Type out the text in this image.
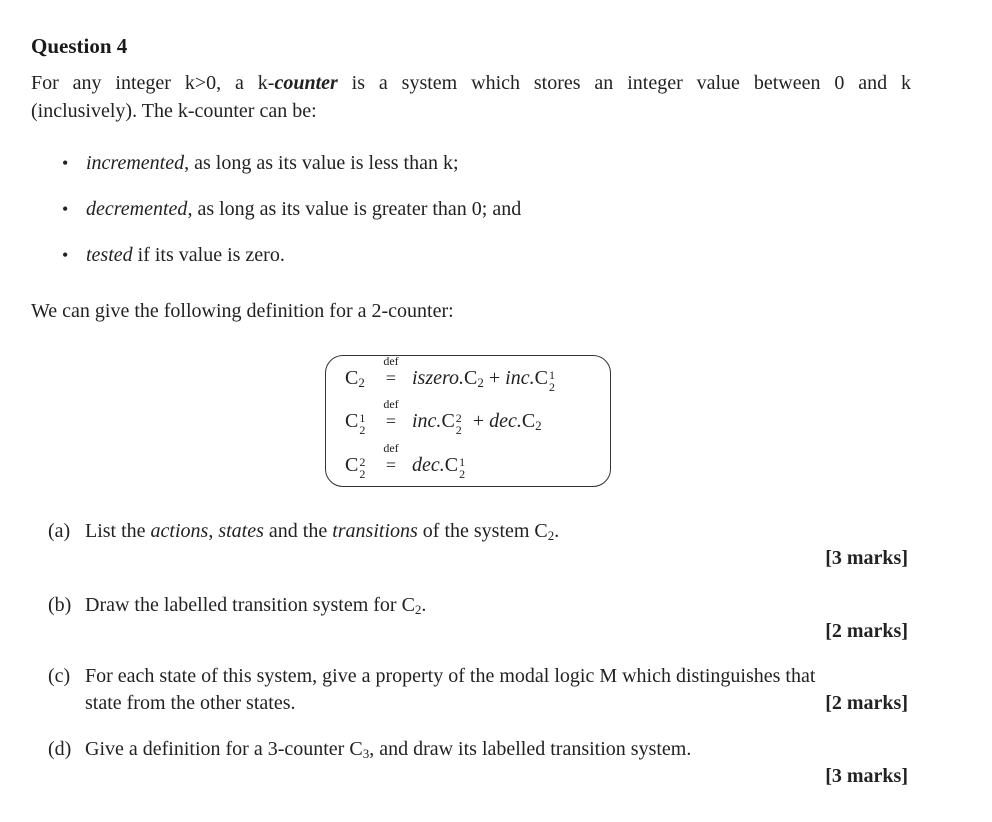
Question 4
For any integer k>0, a k-counter is a system which stores an integer value between 0 and k
(inclusively). The k-counter can be:
• incremented, as long as its value is less than k;
• decremented, as long as its value is greater than 0; and
• tested if its value is zero.
We can give the following definition for a 2-counter:
$C_2$
def
= $iszero.C_2 + inc.C$ 1
2
C 1
2
def
= inc.C 2
$2 + dec.C_2$
C 2
2
def
= dec.C 1
2
(a) List the actions, states and the transitions of the system $C_2$.
[3 marks]
(b) Draw the labelled transition system for $C_2$.
[2 marks]
(c) For each state of this system, give a property of the modal logic M which distinguishes that
state from the other states.	[2 marks]
(d) Give a definition for a 3-counter $C_3$, and draw its labelled transition system.
[3 marks]
